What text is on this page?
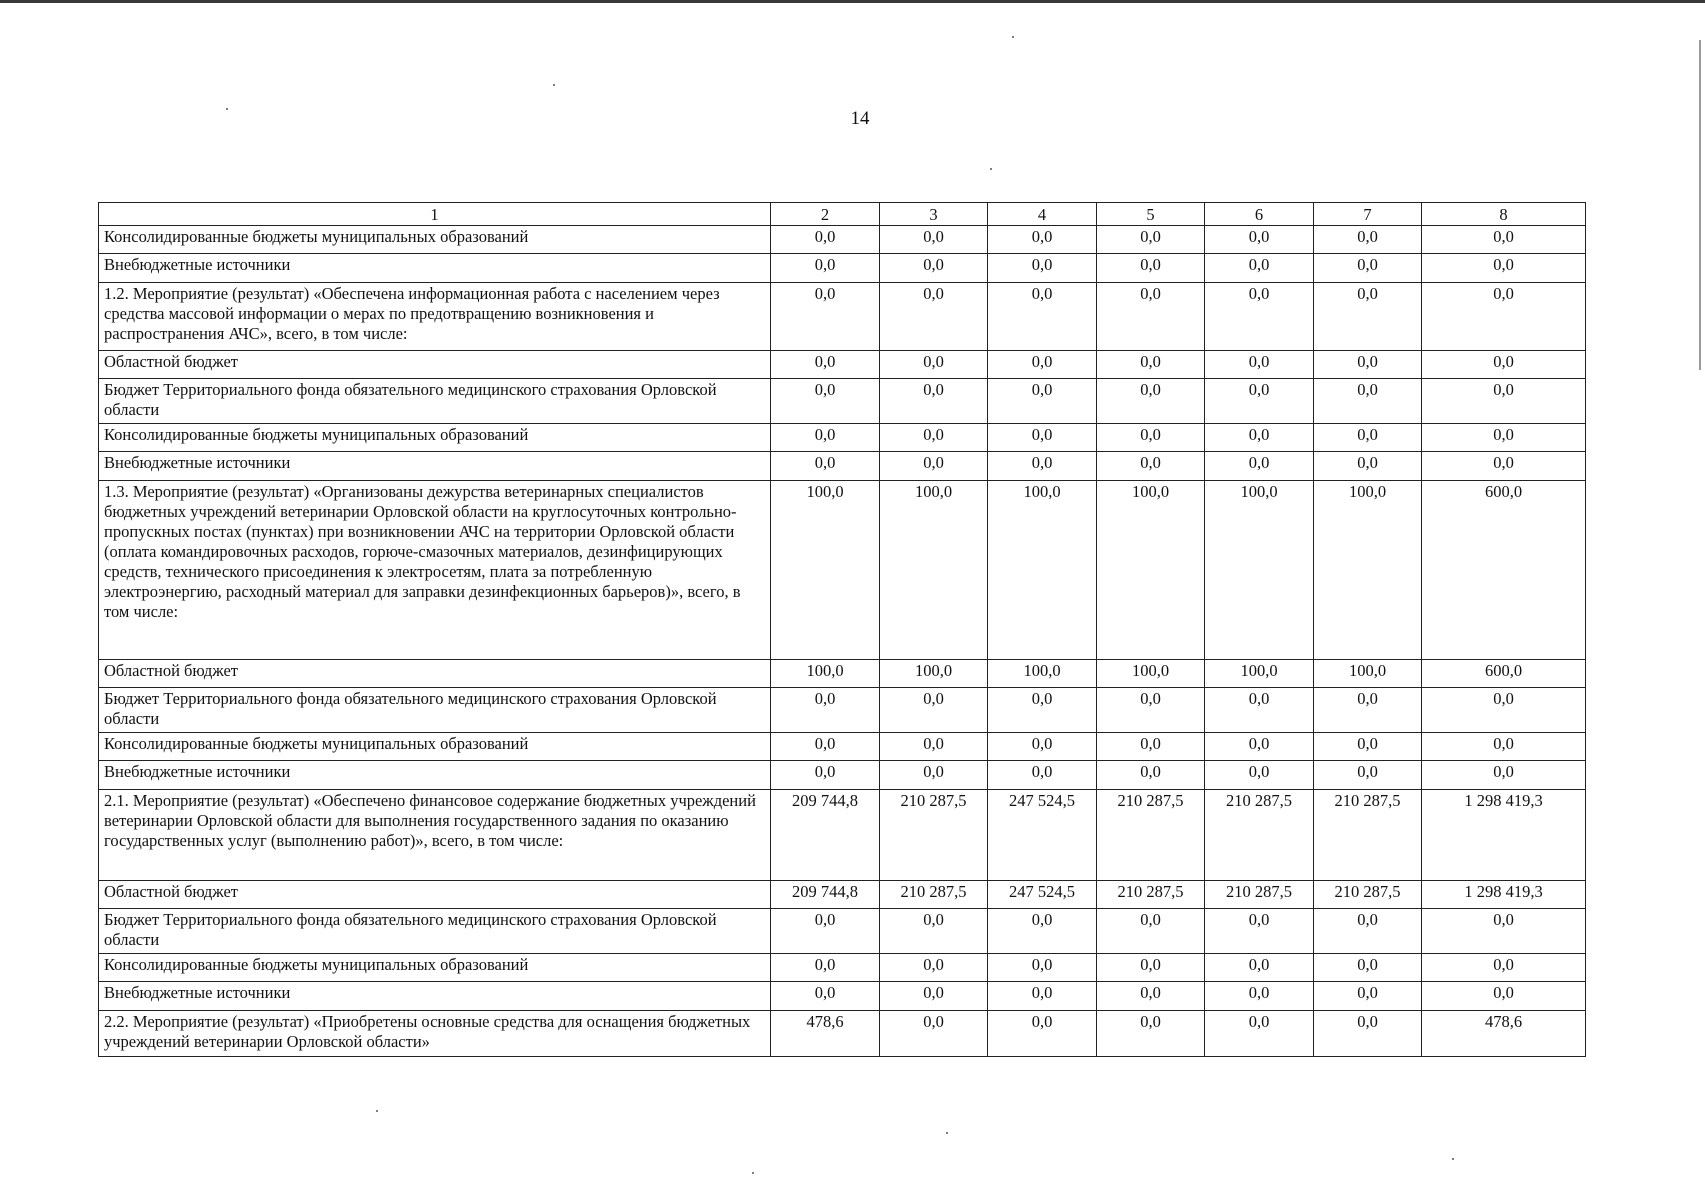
14
1	2	3	4	5	6	7	8
Консолидированные бюджеты муниципальных образований	0,0	0,0	0,0	0,0	0,0	0,0	0,0
Внебюджетные источники	0,0	0,0	0,0	0,0	0,0	0,0	0,0
1.2. Мероприятие (результат) «Обеспечена информационная работа с населением через средства массовой информации о мерах по предотвращению возникновения и распространения АЧС», всего, в том числе:	0,0	0,0	0,0	0,0	0,0	0,0	0,0
Областной бюджет	0,0	0,0	0,0	0,0	0,0	0,0	0,0
Бюджет Территориального фонда обязательного медицинского страхования Орловской области	0,0	0,0	0,0	0,0	0,0	0,0	0,0
Консолидированные бюджеты муниципальных образований	0,0	0,0	0,0	0,0	0,0	0,0	0,0
Внебюджетные источники	0,0	0,0	0,0	0,0	0,0	0,0	0,0
1.3. Мероприятие (результат) «Организованы дежурства ветеринарных специалистов бюджетных учреждений ветеринарии Орловской области на круглосуточных контрольно-пропускных постах (пунктах) при возникновении АЧС на территории Орловской области (оплата командировочных расходов, горюче-смазочных материалов, дезинфицирующих средств, технического присоединения к электросетям, плата за потребленную электроэнергию, расходный материал для заправки дезинфекционных барьеров)», всего, в том числе:	100,0	100,0	100,0	100,0	100,0	100,0	600,0
Областной бюджет	100,0	100,0	100,0	100,0	100,0	100,0	600,0
Бюджет Территориального фонда обязательного медицинского страхования Орловской области	0,0	0,0	0,0	0,0	0,0	0,0	0,0
Консолидированные бюджеты муниципальных образований	0,0	0,0	0,0	0,0	0,0	0,0	0,0
Внебюджетные источники	0,0	0,0	0,0	0,0	0,0	0,0	0,0
2.1. Мероприятие (результат) «Обеспечено финансовое содержание бюджетных учреждений ветеринарии Орловской области для выполнения государственного задания по оказанию государственных услуг (выполнению работ)», всего, в том числе:	209 744,8	210 287,5	247 524,5	210 287,5	210 287,5	210 287,5	1 298 419,3
Областной бюджет	209 744,8	210 287,5	247 524,5	210 287,5	210 287,5	210 287,5	1 298 419,3
Бюджет Территориального фонда обязательного медицинского страхования Орловской области	0,0	0,0	0,0	0,0	0,0	0,0	0,0
Консолидированные бюджеты муниципальных образований	0,0	0,0	0,0	0,0	0,0	0,0	0,0
Внебюджетные источники	0,0	0,0	0,0	0,0	0,0	0,0	0,0
2.2. Мероприятие (результат) «Приобретены основные средства для оснащения бюджетных учреждений ветеринарии Орловской области»	478,6	0,0	0,0	0,0	0,0	0,0	478,6
